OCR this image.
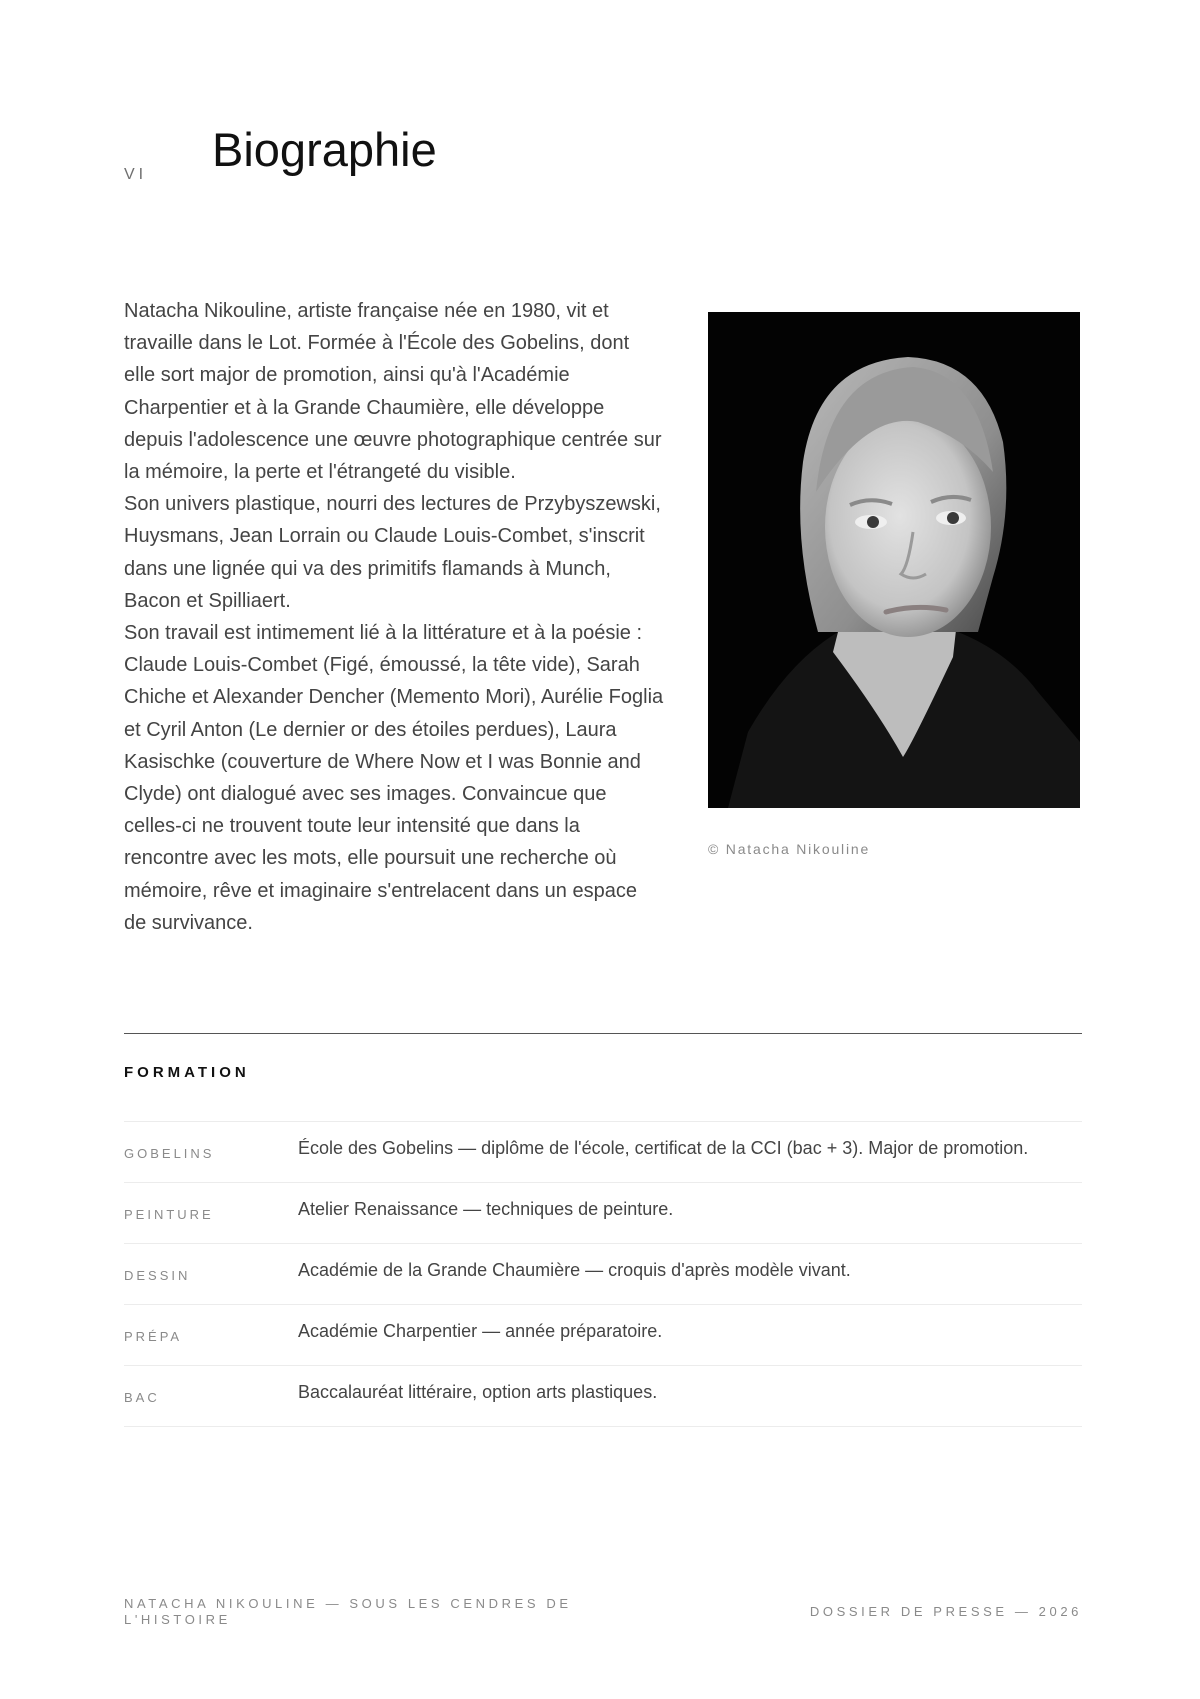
VI Biographie

Natacha Nikouline, artiste française née en 1980, vit et travaille dans le Lot. Formée à l'École des Gobelins, dont elle sort major de promotion, ainsi qu'à l'Académie Charpentier et à la Grande Chaumière, elle développe depuis l'adolescence une œuvre photographique centrée sur la mémoire, la perte et l'étrangeté du visible.

Son univers plastique, nourri des lectures de Przybyszewski, Huysmans, Jean Lorrain ou Claude Louis-Combet, s'inscrit dans une lignée qui va des primitifs flamands à Munch, Bacon et Spilliaert.

Son travail est intimement lié à la littérature et à la poésie : Claude Louis-Combet (Figé, émoussé, la tête vide), Sarah Chiche et Alexander Dencher (Memento Mori), Aurélie Foglia et Cyril Anton (Le dernier or des étoiles perdues), Laura Kasischke (couverture de Where Now et I was Bonnie and Clyde) ont dialogué avec ses images. Convaincue que celles-ci ne trouvent toute leur intensité que dans la rencontre avec les mots, elle poursuit une recherche où mémoire, rêve et imaginaire s'entrelacent dans un espace de survivance.

© Natacha Nikouline
FORMATION
GOBELINS	École des Gobelins — diplôme de l'école, certificat de la CCI (bac + 3). Major de promotion.
PEINTURE	Atelier Renaissance — techniques de peinture.
DESSIN	Académie de la Grande Chaumière — croquis d'après modèle vivant.
PRÉPA	Académie Charpentier — année préparatoire.
BAC	Baccalauréat littéraire, option arts plastiques.
NATACHA NIKOULINE — SOUS LES CENDRES DE L'HISTOIRE
DOSSIER DE PRESSE — 2026
